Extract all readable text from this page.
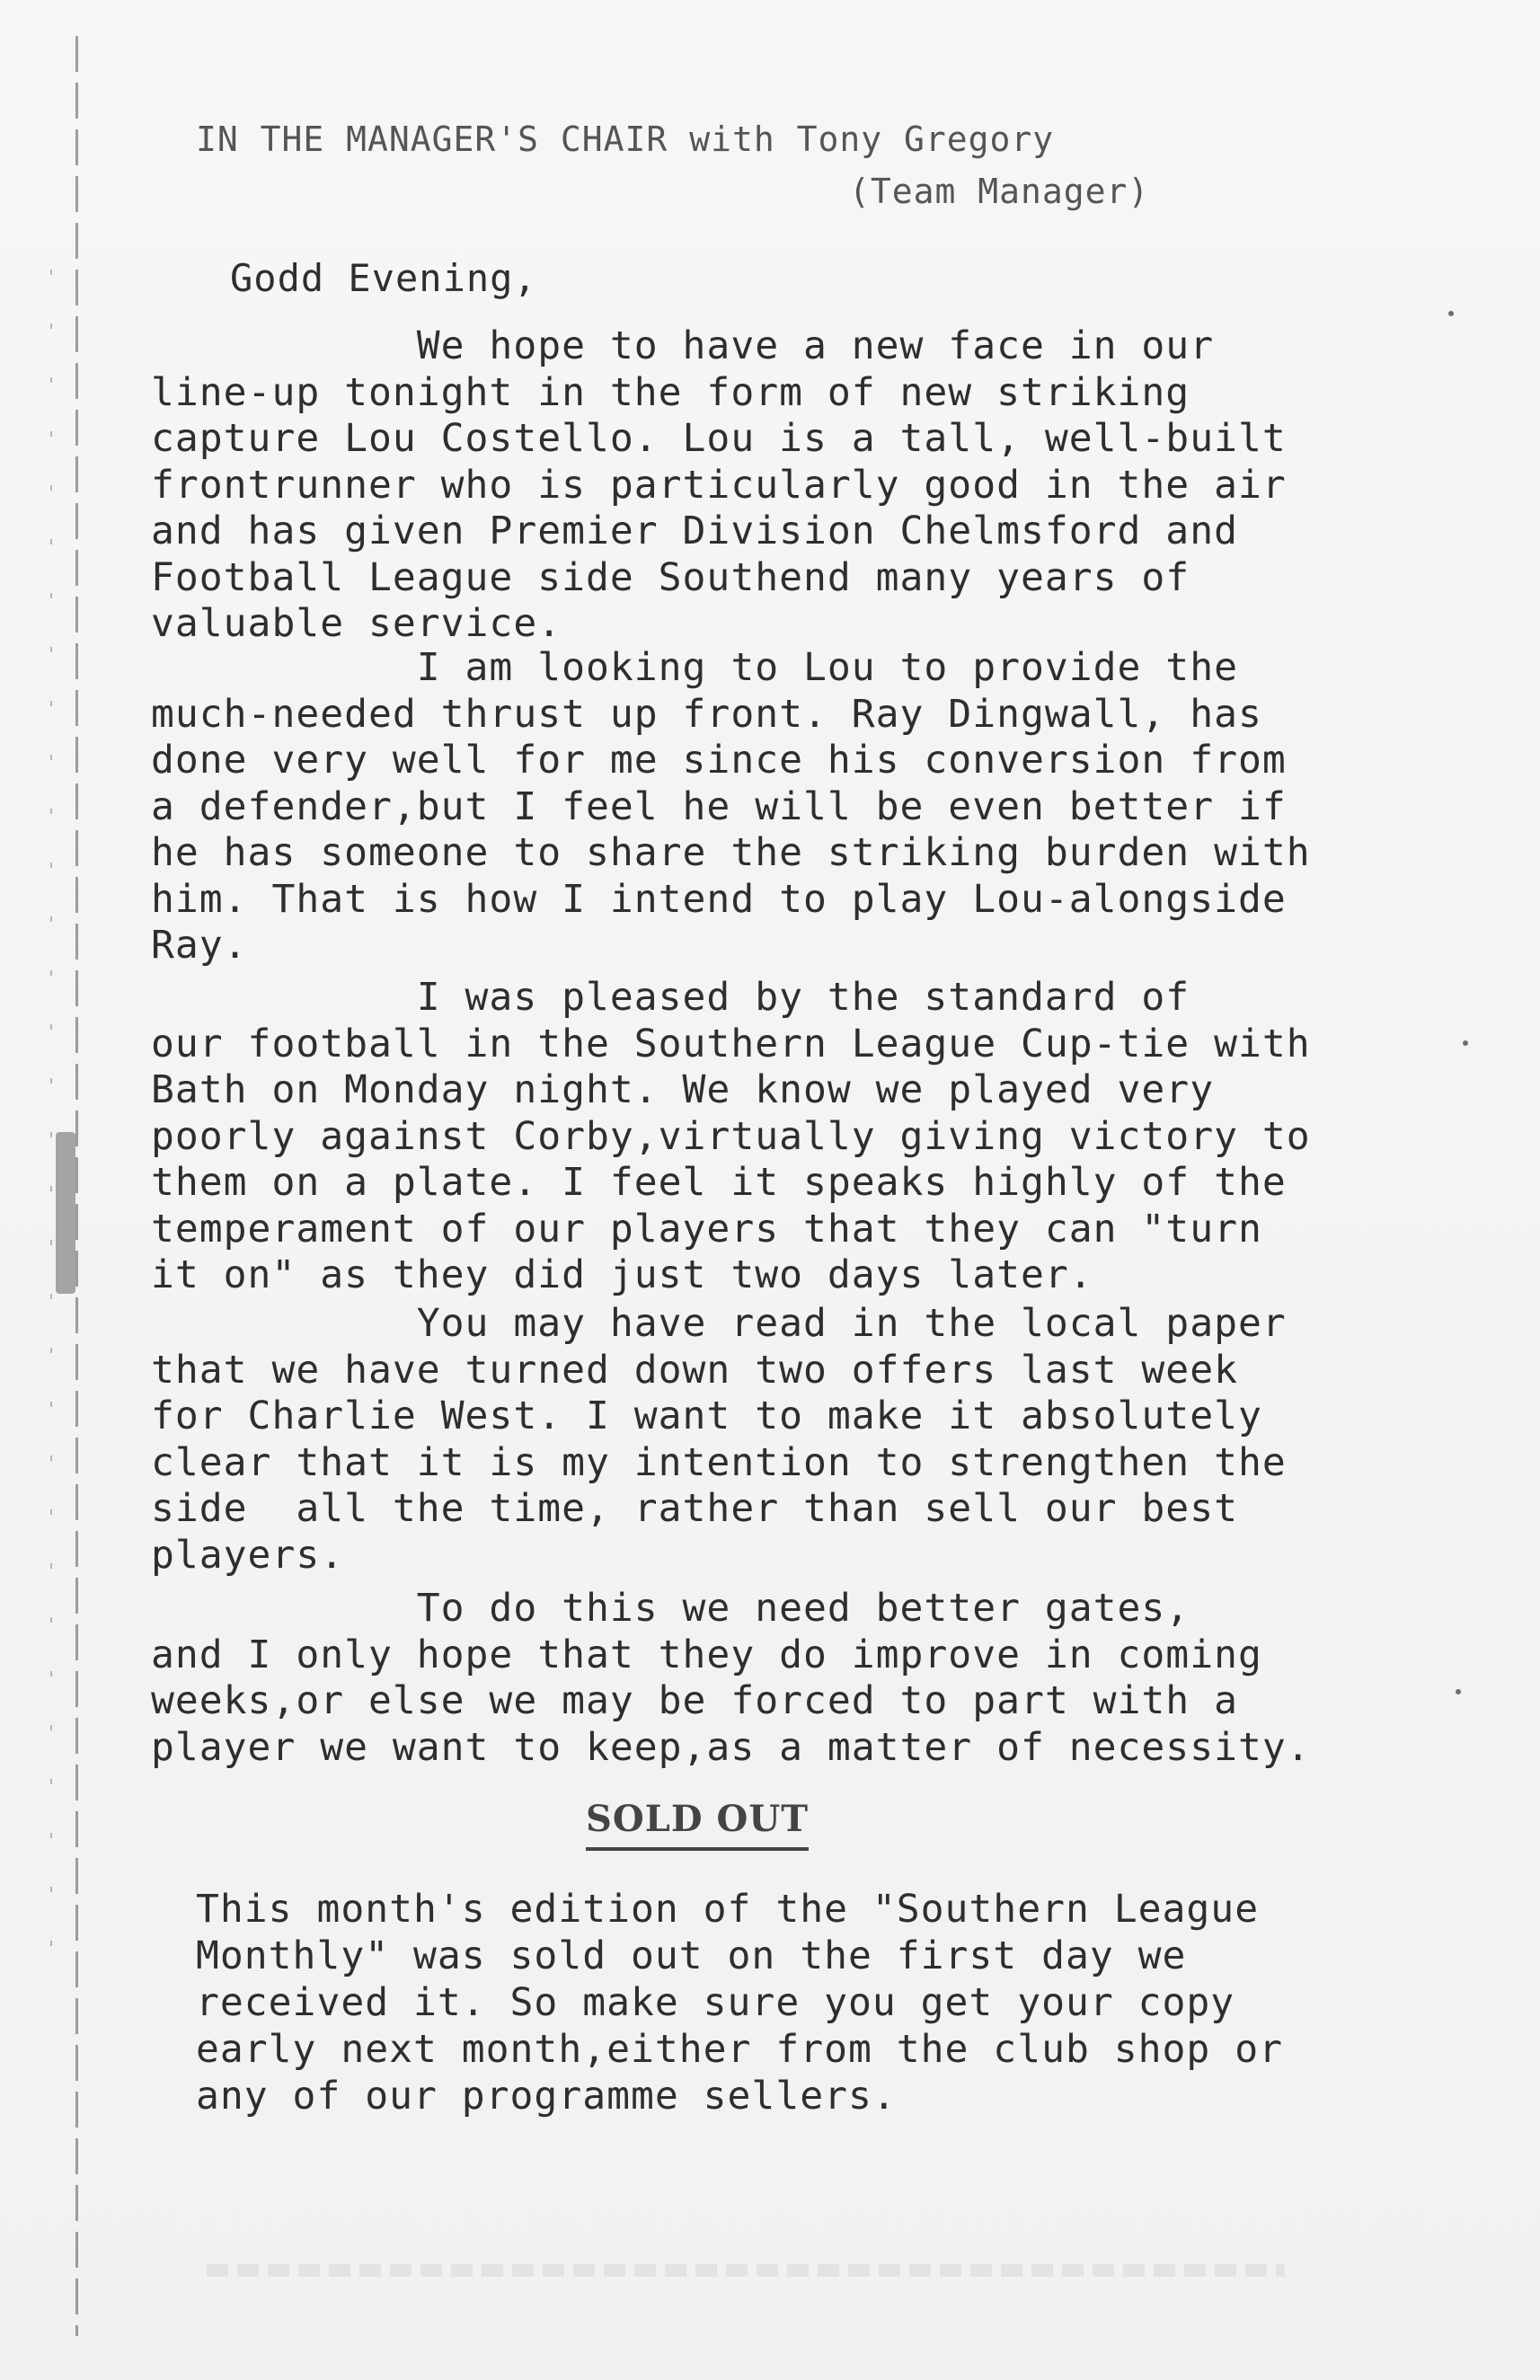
IN THE MANAGER'S CHAIR with Tony Gregory
(Team Manager)
Godd Evening,
We hope to have a new face in our
line-up tonight in the form of new striking
capture Lou Costello. Lou is a tall, well-built
frontrunner who is particularly good in the air
and has given Premier Division Chelmsford and
Football League side Southend many years of
valuable service.
I am looking to Lou to provide the
much-needed thrust up front. Ray Dingwall, has
done very well for me since his conversion from
a defender,but I feel he will be even better if
he has someone to share the striking burden with
him. That is how I intend to play Lou-alongside
Ray.
I was pleased by the standard of
our football in the Southern League Cup-tie with
Bath on Monday night. We know we played very
poorly against Corby,virtually giving victory to
them on a plate. I feel it speaks highly of the
temperament of our players that they can "turn
it on" as they did just two days later.
You may have read in the local paper
that we have turned down two offers last week
for Charlie West. I want to make it absolutely
clear that it is my intention to strengthen the
side  all the time, rather than sell our best
players.
To do this we need better gates,
and I only hope that they do improve in coming
weeks,or else we may be forced to part with a
player we want to keep,as a matter of necessity.
SOLD OUT
This month's edition of the "Southern League
Monthly" was sold out on the first day we
received it. So make sure you get your copy
early next month,either from the club shop or
any of our programme sellers.
